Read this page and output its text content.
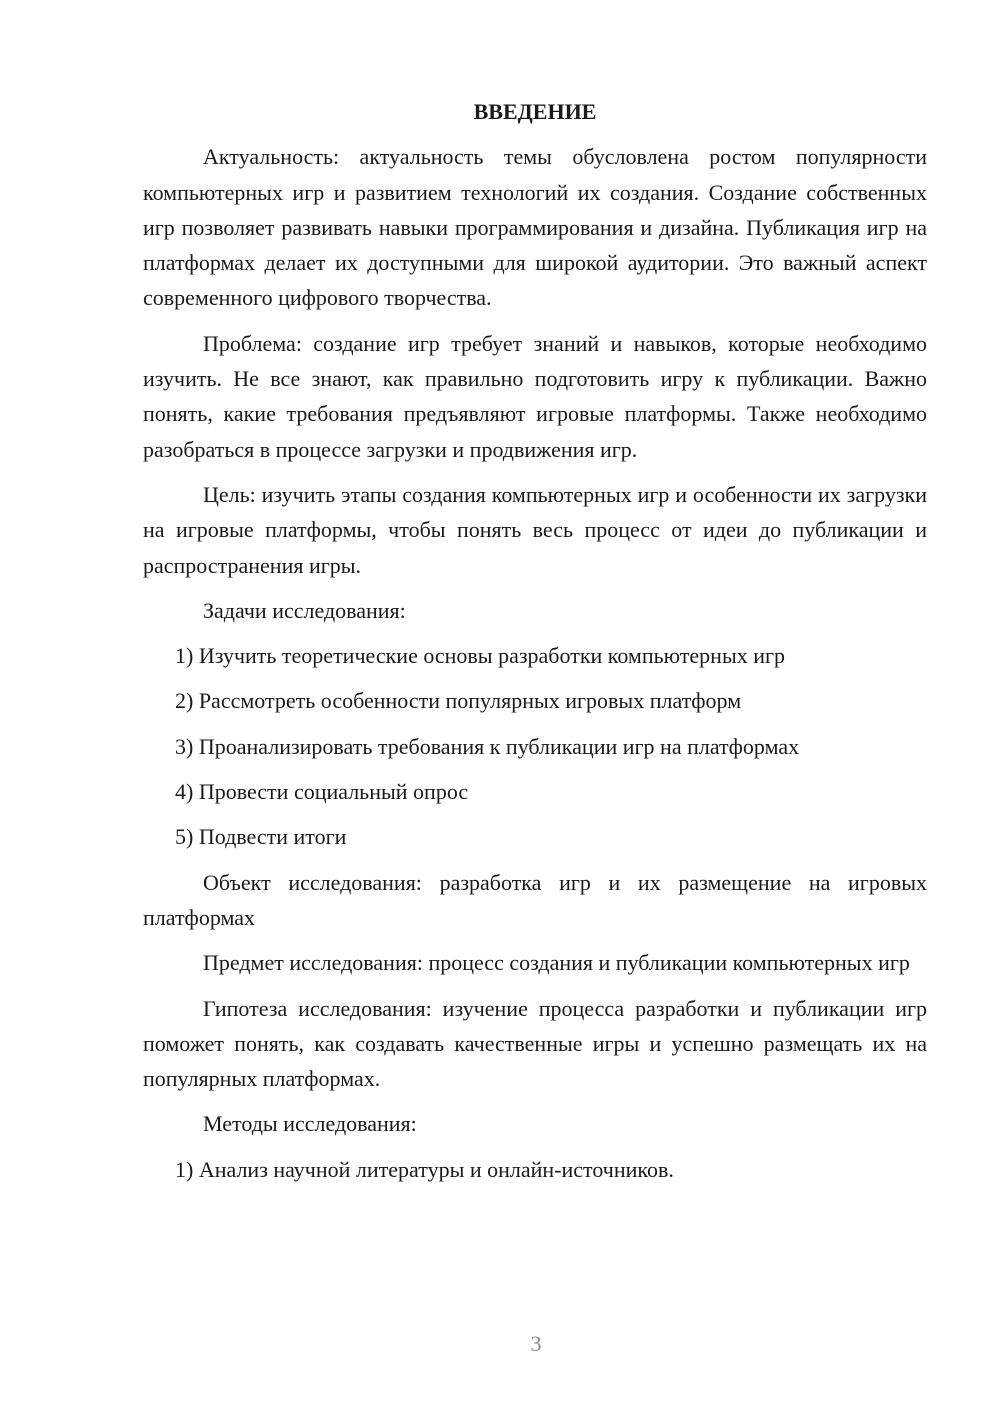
ВВЕДЕНИЕ

Актуальность: актуальность темы обусловлена ростом популярности компьютерных игр и развитием технологий их создания. Создание собственных игр позволяет развивать навыки программирования и дизайна. Публикация игр на платформах делает их доступными для широкой аудитории. Это важный аспект современного цифрового творчества.

Проблема: создание игр требует знаний и навыков, которые необходимо изучить. Не все знают, как правильно подготовить игру к публикации. Важно понять, какие требования предъявляют игровые платформы. Также необходимо разобраться в процессе загрузки и продвижения игр.

Цель: изучить этапы создания компьютерных игр и особенности их загрузки на игровые платформы, чтобы понять весь процесс от идеи до публикации и распространения игры.

Задачи исследования:

1) Изучить теоретические основы разработки компьютерных игр

2) Рассмотреть особенности популярных игровых платформ

3) Проанализировать требования к публикации игр на платформах

4) Провести социальный опрос

5) Подвести итоги

Объект исследования: разработка игр и их размещение на игровых платформах

Предмет исследования: процесс создания и публикации компьютерных игр

Гипотеза исследования: изучение процесса разработки и публикации игр поможет понять, как создавать качественные игры и успешно размещать их на популярных платформах.

Методы исследования:

1) Анализ научной литературы и онлайн-источников.

3
